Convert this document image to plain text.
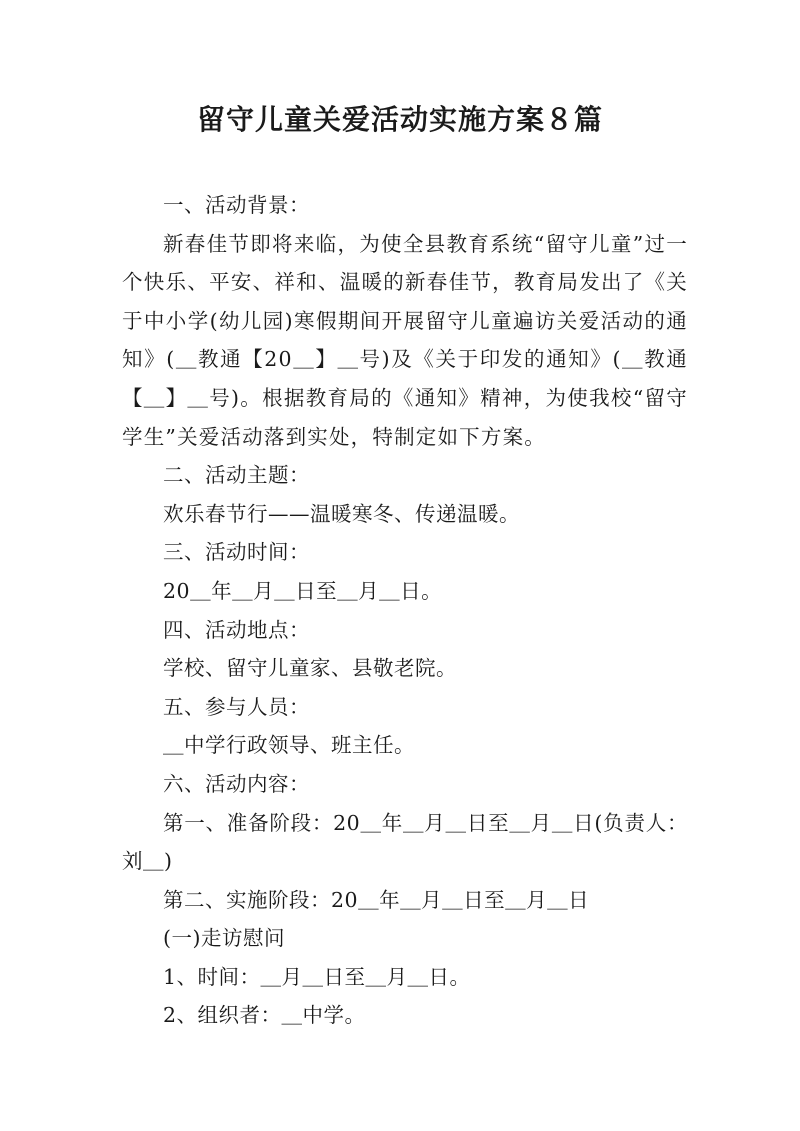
留守儿童关爱活动实施方案８篇

一、活动背景：

新春佳节即将来临，为使全县教育系统“留守儿童”过一个快乐、平安、祥和、温暖的新春佳节，教育局发出了《关于中小学(幼儿园)寒假期间开展留守儿童遍访关爱活动的通知》(＿教通【20＿】＿号)及《关于印发的通知》(＿教通【＿】＿号)。根据教育局的《通知》精神，为使我校“留守学生”关爱活动落到实处，特制定如下方案。

二、活动主题：

欢乐春节行——温暖寒冬、传递温暖。

三、活动时间：

20＿年＿月＿日至＿月＿日。

四、活动地点：

学校、留守儿童家、县敬老院。

五、参与人员：

＿中学行政领导、班主任。

六、活动内容：

第一、准备阶段：20＿年＿月＿日至＿月＿日(负责人：刘＿)

第二、实施阶段：20＿年＿月＿日至＿月＿日

(一)走访慰问

1、时间：＿月＿日至＿月＿日。

2、组织者：＿中学。
